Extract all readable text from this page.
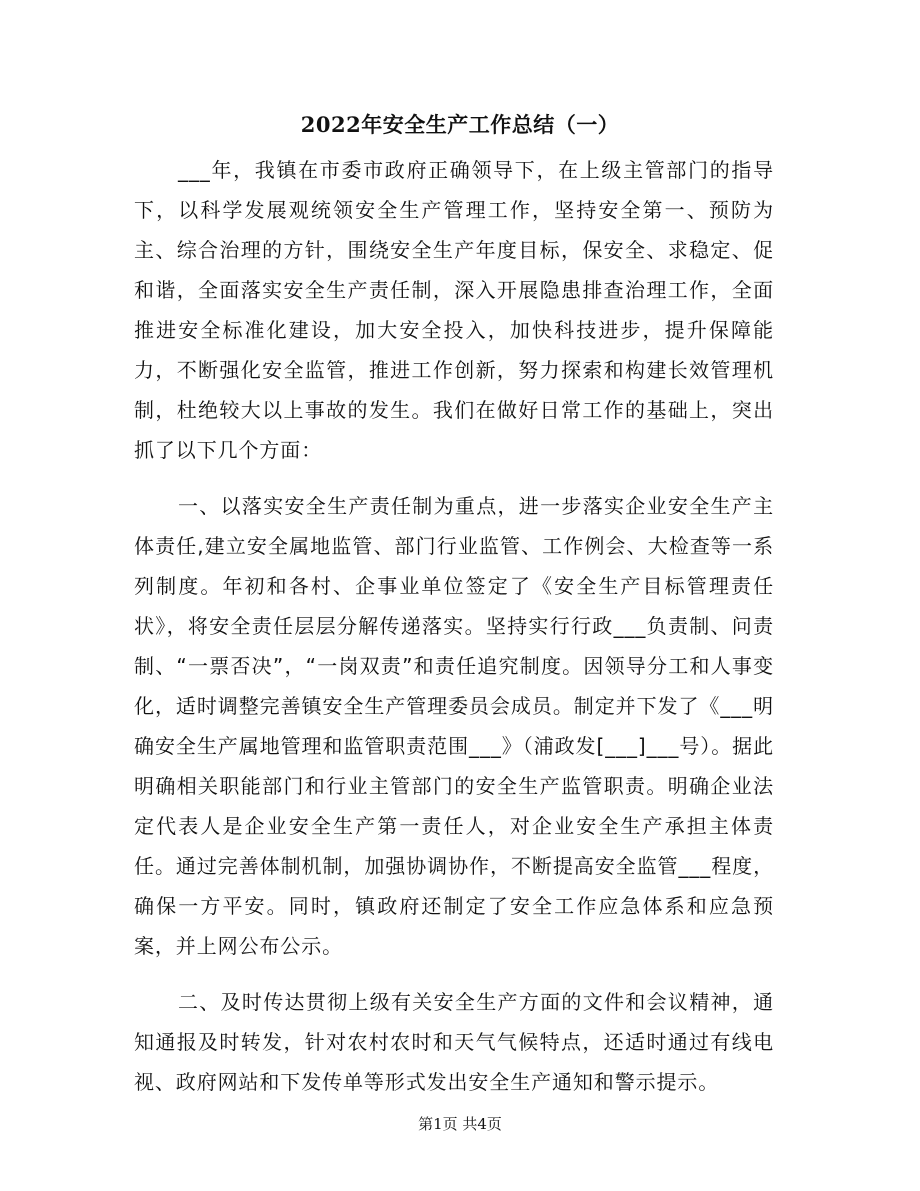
2022年安全生产工作总结（一）

___年，我镇在市委市政府正确领导下，在上级主管部门的指导下，以科学发展观统领安全生产管理工作，坚持安全第一、预防为主、综合治理的方针，围绕安全生产年度目标，保安全、求稳定、促和谐，全面落实安全生产责任制，深入开展隐患排查治理工作，全面推进安全标准化建设，加大安全投入，加快科技进步，提升保障能力，不断强化安全监管，推进工作创新，努力探索和构建长效管理机制，杜绝较大以上事故的发生。我们在做好日常工作的基础上，突出抓了以下几个方面：

一、以落实安全生产责任制为重点，进一步落实企业安全生产主体责任,建立安全属地监管、部门行业监管、工作例会、大检查等一系列制度。年初和各村、企事业单位签定了《安全生产目标管理责任状》，将安全责任层层分解传递落实。坚持实行行政___负责制、问责制、“一票否决”，“一岗双责”和责任追究制度。因领导分工和人事变化，适时调整完善镇安全生产管理委员会成员。制定并下发了《___明确安全生产属地管理和监管职责范围___》（浦政发[___]___号）。据此明确相关职能部门和行业主管部门的安全生产监管职责。明确企业法定代表人是企业安全生产第一责任人，对企业安全生产承担主体责任。通过完善体制机制，加强协调协作，不断提高安全监管___程度，确保一方平安。同时，镇政府还制定了安全工作应急体系和应急预案，并上网公布公示。

二、及时传达贯彻上级有关安全生产方面的文件和会议精神，通知通报及时转发，针对农村农时和天气气候特点，还适时通过有线电视、政府网站和下发传单等形式发出安全生产通知和警示提示。

第1页 共4页
